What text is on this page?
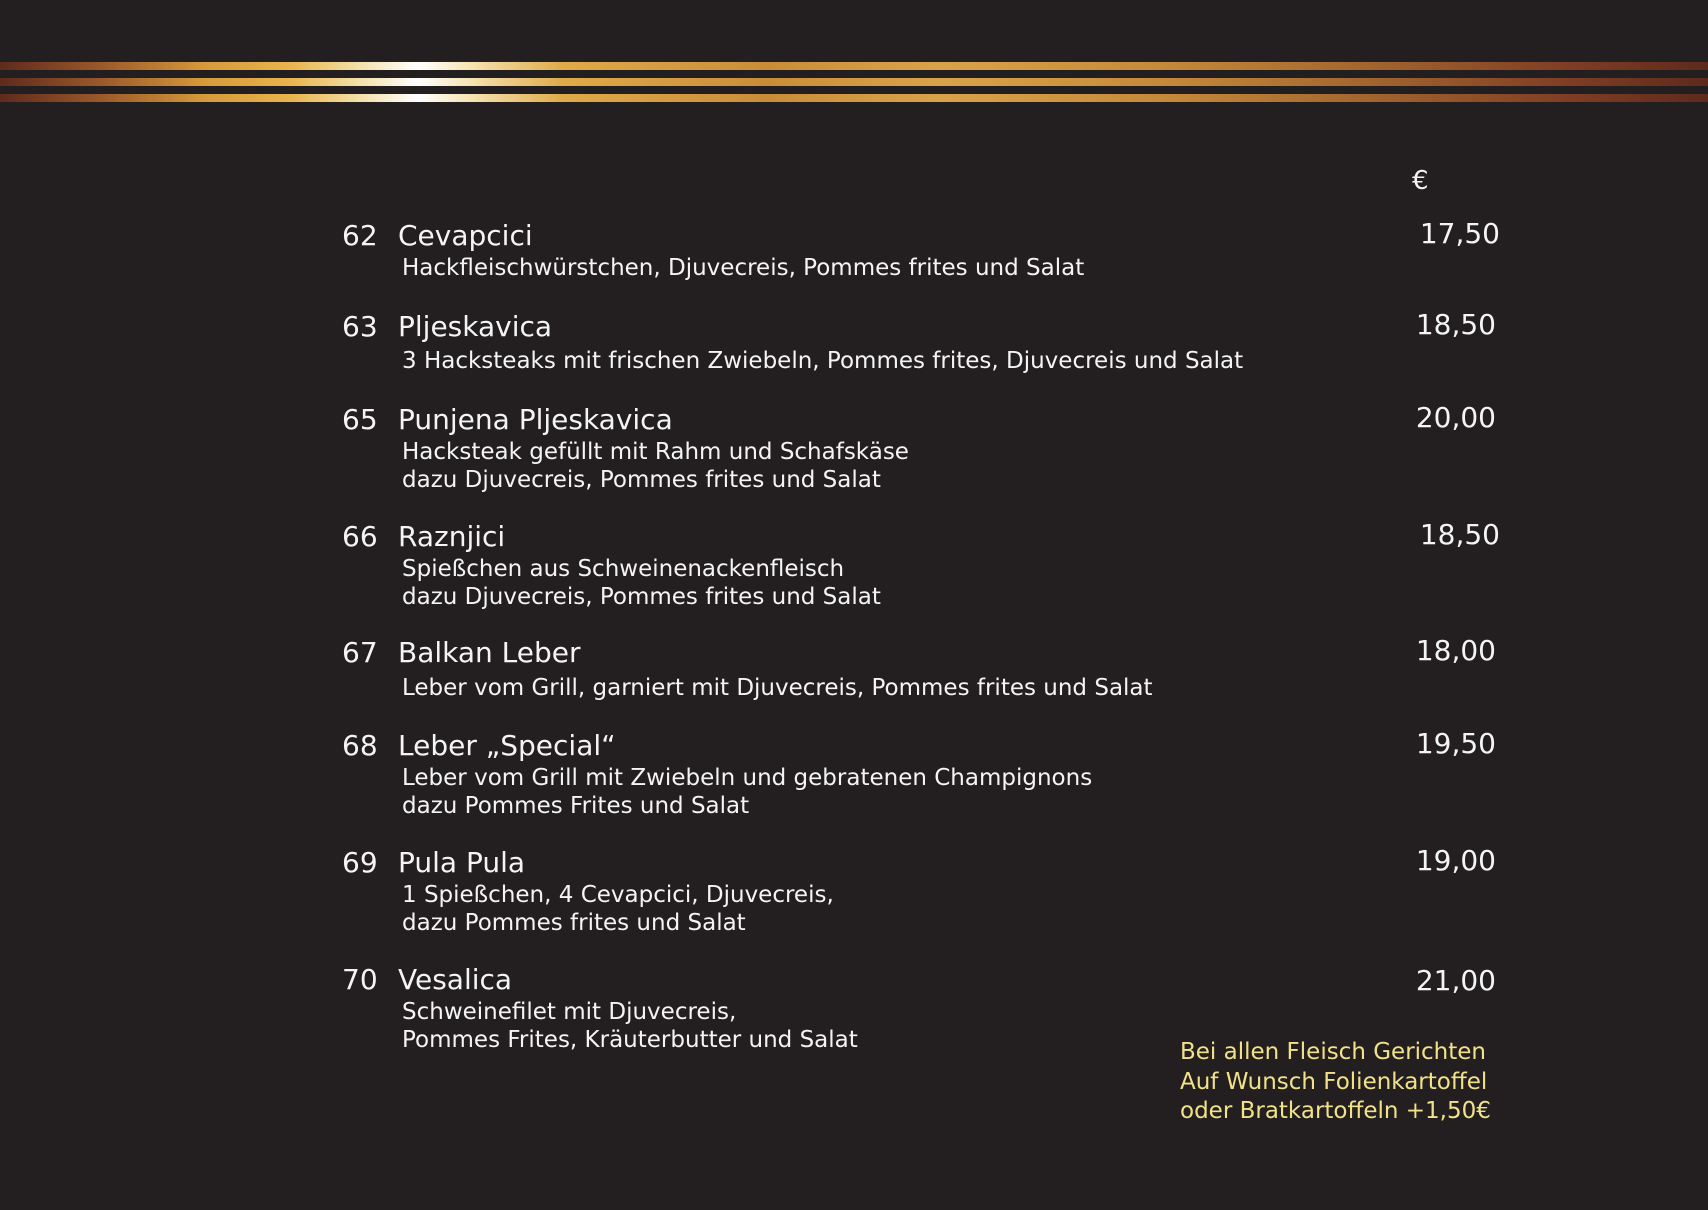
€
62 Cevapcici	17,50
Hackfleischwürstchen, Djuvecreis, Pommes frites und Salat
63 Pljeskavica	18,50
3 Hacksteaks mit frischen Zwiebeln, Pommes frites, Djuvecreis und Salat
65 Punjena Pljeskavica	20,00
Hacksteak gefüllt mit Rahm und Schafskäse
dazu Djuvecreis, Pommes frites und Salat
66 Raznjici	18,50
Spießchen aus Schweinenackenfleisch
dazu Djuvecreis, Pommes frites und Salat
67 Balkan Leber	18,00
Leber vom Grill, garniert mit Djuvecreis, Pommes frites und Salat
68 Leber „Special“	19,50
Leber vom Grill mit Zwiebeln und gebratenen Champignons
dazu Pommes Frites und Salat
69 Pula Pula	19,00
1 Spießchen, 4 Cevapcici, Djuvecreis,
dazu Pommes frites und Salat
70 Vesalica	21,00
Schweinefilet mit Djuvecreis,
Pommes Frites, Kräuterbutter und Salat	Bei allen Fleisch Gerichten
Auf Wunsch Folienkartoffel
oder Bratkartoffeln +1,50€
